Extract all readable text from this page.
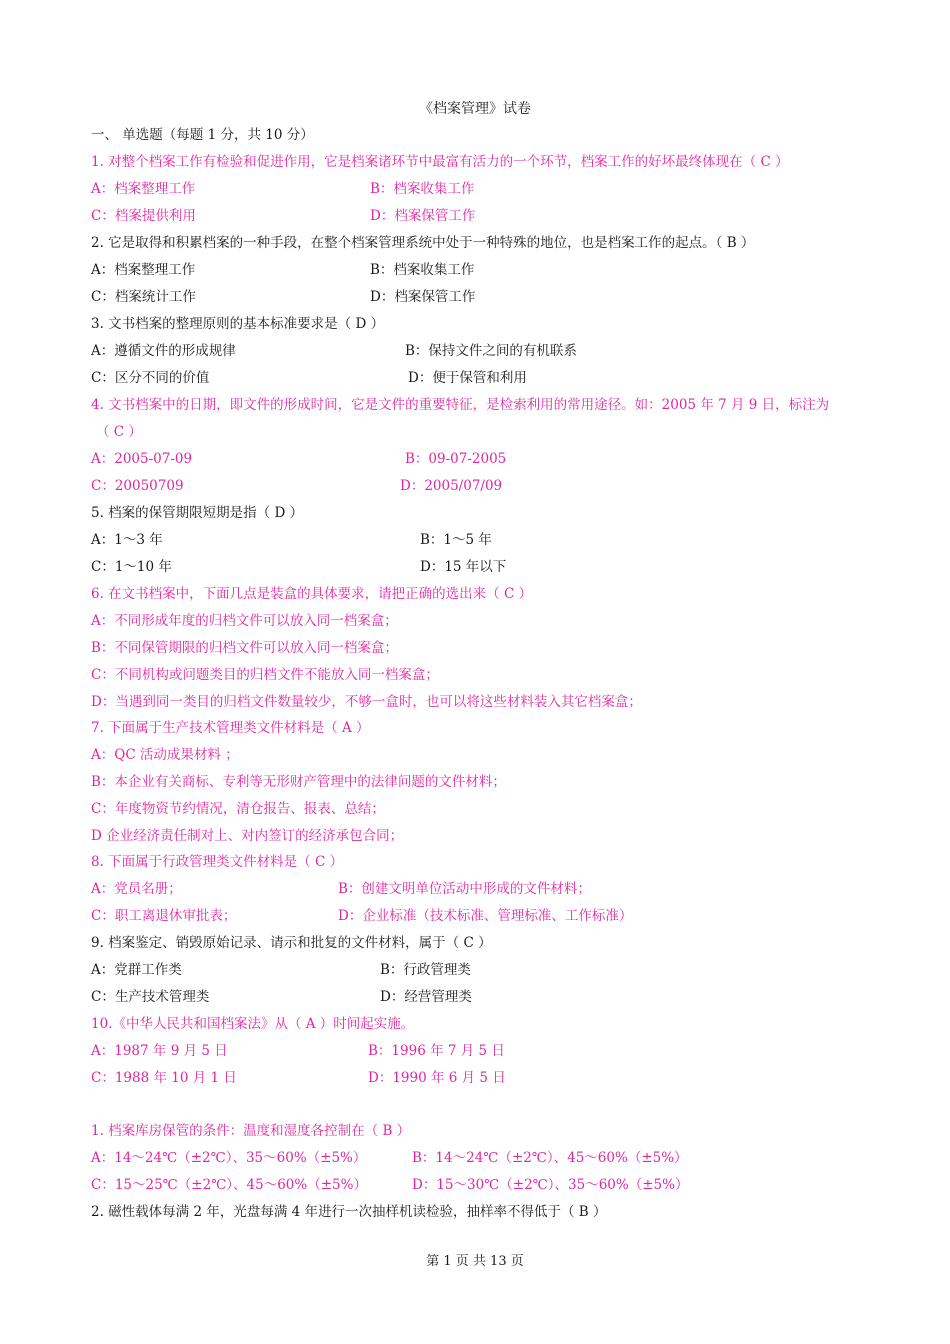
《档案管理》试卷
一、 单选题（每题 1 分，共 10 分）
1. 对整个档案工作有检验和促进作用，它是档案诸环节中最富有活力的一个环节，档案工作的好坏最终体现在（ C ）
A：档案整理工作	B：档案收集工作
C：档案提供利用	D：档案保管工作
2. 它是取得和积累档案的一种手段，在整个档案管理系统中处于一种特殊的地位，也是档案工作的起点。（ B ）
A：档案整理工作	B：档案收集工作
C：档案统计工作	D：档案保管工作
3. 文书档案的整理原则的基本标准要求是（ D ）
A：遵循文件的形成规律	B：保持文件之间的有机联系
C：区分不同的价值	D：便于保管和利用
4. 文书档案中的日期，即文件的形成时间，它是文件的重要特征，是检索利用的常用途径。如：2005 年 7 月 9 日，标注为
（ C ）
A：2005-07-09	B：09-07-2005
C：20050709	D：2005/07/09
5. 档案的保管期限短期是指（ D ）
A：1～3 年	B：1～5 年
C：1～10 年	D：15 年以下
6. 在文书档案中，下面几点是装盒的具体要求，请把正确的选出来（ C ）
A：不同形成年度的归档文件可以放入同一档案盒；
B：不同保管期限的归档文件可以放入同一档案盒；
C：不同机构或问题类目的归档文件不能放入同一档案盒；
D：当遇到同一类目的归档文件数量较少，不够一盒时，也可以将这些材料装入其它档案盒；
7. 下面属于生产技术管理类文件材料是（ A ）
A：QC 活动成果材料 ；
B：本企业有关商标、专利等无形财产管理中的法律问题的文件材料；
C：年度物资节约情况，清仓报告、报表、总结；
D 企业经济责任制对上、对内签订的经济承包合同；
8. 下面属于行政管理类文件材料是（ C ）
A：党员名册；	B：创建文明单位活动中形成的文件材料；
C：职工离退休审批表；	D：企业标准（技术标准、管理标准、工作标准）
9. 档案鉴定、销毁原始记录、请示和批复的文件材料，属于（ C ）
A：党群工作类	B：行政管理类
C：生产技术管理类	D：经营管理类
10.《中华人民共和国档案法》从（ A ）时间起实施。
A：1987 年 9 月 5 日	B：1996 年 7 月 5 日
C：1988 年 10 月 1 日	D：1990 年 6 月 5 日
1. 档案库房保管的条件：温度和湿度各控制在（ B ）
A：14～24℃（±2℃）、35～60%（±5%）	B：14～24℃（±2℃）、45～60%（±5%）
C：15～25℃（±2℃）、45～60%（±5%）	D：15～30℃（±2℃）、35～60%（±5%）
2. 磁性载体每满 2 年，光盘每满 4 年进行一次抽样机读检验，抽样率不得低于（ B ）
第 1 页 共 13 页
